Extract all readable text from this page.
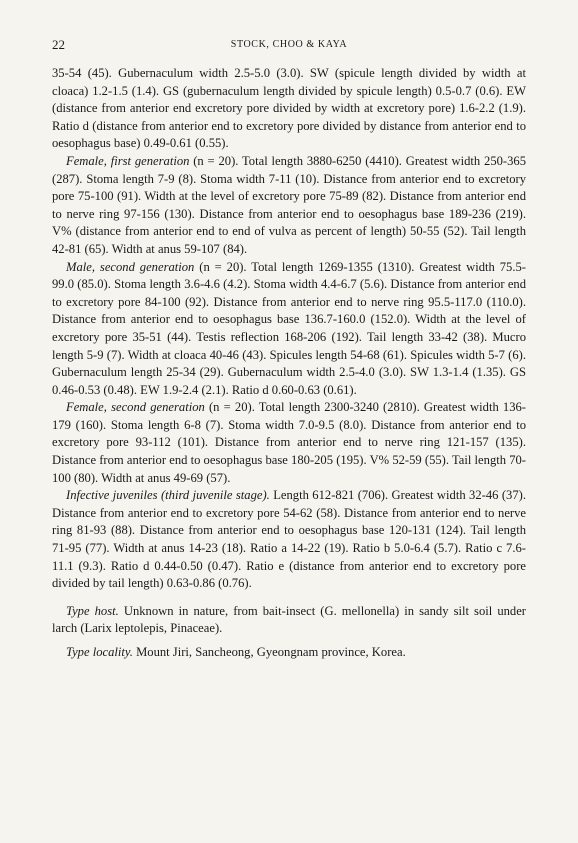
22	STOCK, CHOO & KAYA

35-54 (45). Gubernaculum width 2.5-5.0 (3.0). SW (spicule length divided by width at cloaca) 1.2-1.5 (1.4). GS (gubernaculum length divided by spicule length) 0.5-0.7 (0.6). EW (distance from anterior end excretory pore divided by width at excretory pore) 1.6-2.2 (1.9). Ratio d (distance from anterior end to excretory pore divided by distance from anterior end to oesophagus base) 0.49-0.61 (0.55).

Female, first generation (n = 20). Total length 3880-6250 (4410). Greatest width 250-365 (287). Stoma length 7-9 (8). Stoma width 7-11 (10). Distance from anterior end to excretory pore 75-100 (91). Width at the level of excretory pore 75-89 (82). Distance from anterior end to nerve ring 97-156 (130). Distance from anterior end to oesophagus base 189-236 (219). V% (distance from anterior end to end of vulva as percent of length) 50-55 (52). Tail length 42-81 (65). Width at anus 59-107 (84).

Male, second generation (n = 20). Total length 1269-1355 (1310). Greatest width 75.5-99.0 (85.0). Stoma length 3.6-4.6 (4.2). Stoma width 4.4-6.7 (5.6). Distance from anterior end to excretory pore 84-100 (92). Distance from anterior end to nerve ring 95.5-117.0 (110.0). Distance from anterior end to oesophagus base 136.7-160.0 (152.0). Width at the level of excretory pore 35-51 (44). Testis reflection 168-206 (192). Tail length 33-42 (38). Mucro length 5-9 (7). Width at cloaca 40-46 (43). Spicules length 54-68 (61). Spicules width 5-7 (6). Gubernaculum length 25-34 (29). Gubernaculum width 2.5-4.0 (3.0). SW 1.3-1.4 (1.35). GS 0.46-0.53 (0.48). EW 1.9-2.4 (2.1). Ratio d 0.60-0.63 (0.61).

Female, second generation (n = 20). Total length 2300-3240 (2810). Greatest width 136-179 (160). Stoma length 6-8 (7). Stoma width 7.0-9.5 (8.0). Distance from anterior end to excretory pore 93-112 (101). Distance from anterior end to nerve ring 121-157 (135). Distance from anterior end to oesophagus base 180-205 (195). V% 52-59 (55). Tail length 70-100 (80). Width at anus 49-69 (57).

Infective juveniles (third juvenile stage). Length 612-821 (706). Greatest width 32-46 (37). Distance from anterior end to excretory pore 54-62 (58). Distance from anterior end to nerve ring 81-93 (88). Distance from anterior end to oesophagus base 120-131 (124). Tail length 71-95 (77). Width at anus 14-23 (18). Ratio a 14-22 (19). Ratio b 5.0-6.4 (5.7). Ratio c 7.6-11.1 (9.3). Ratio d 0.44-0.50 (0.47). Ratio e (distance from anterior end to excretory pore divided by tail length) 0.63-0.86 (0.76).

Type host. Unknown in nature, from bait-insect (G. mellonella) in sandy silt soil under larch (Larix leptolepis, Pinaceae).

Type locality. Mount Jiri, Sancheong, Gyeongnam province, Korea.
